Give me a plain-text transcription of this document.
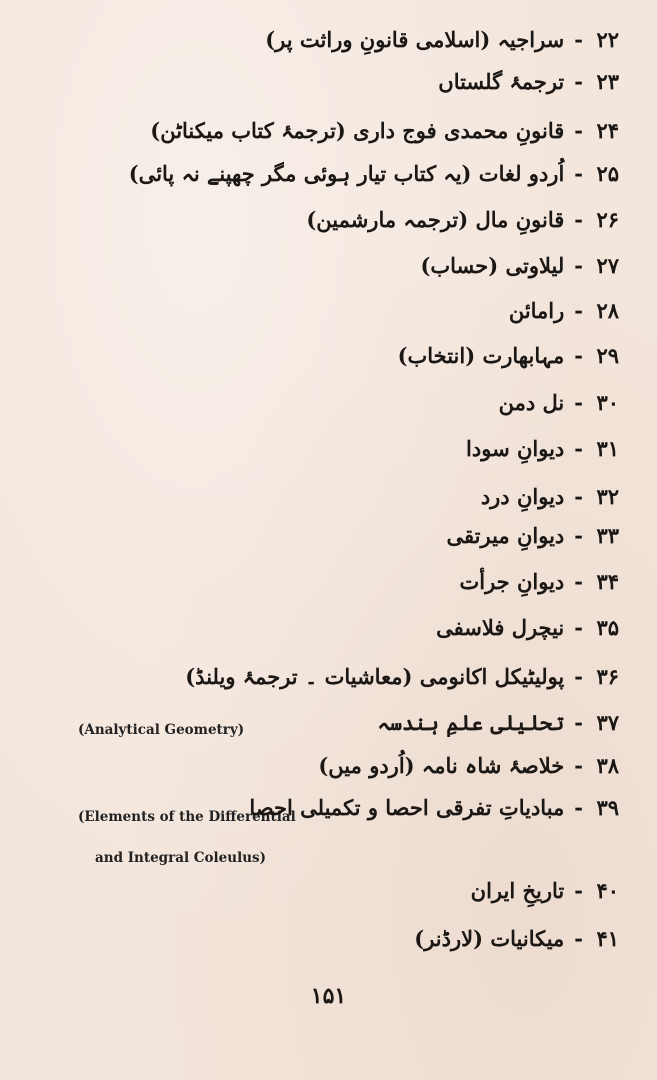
۲۲-سراجیہ (اسلامی قانونِ وراثت پر)
۲۳-ترجمۂ گلستاں
۲۴-قانونِ محمدی فوج داری (ترجمۂ کتاب میکناٹن)
۲۵-اُردو لغات (یہ کتاب تیار ہوئی مگر چھپنے نہ پائی)
۲۶-قانونِ مال (ترجمہ مارشمین)
۲۷-لیلاوتی (حساب)
۲۸-رامائن
۲۹-مہابھارت (انتخاب)
۳۰-نل دمن
۳۱-دیوانِ سودا
۳۲-دیوانِ درد
۳۳-دیوانِ میرتقی
۳۴-دیوانِ جرأت
۳۵-نیچرل فلاسفی
۳۶-پولیٹیکل اکانومی (معاشیات ۔ ترجمۂ ویلنڈ)
(Analytical Geometry)	۳۷-تحلیلی علمِ ہندسہ
۳۸-خلاصۂ شاہ نامہ (اُردو میں)
(Elements of the Differential	۳۹-مبادیاتِ تفرقی احصا و تکمیلی احصا
and Integral Coleulus)
۴۰-تاریخِ ایران
۴۱-میکانیات (لارڈنر)
۱۵۱
